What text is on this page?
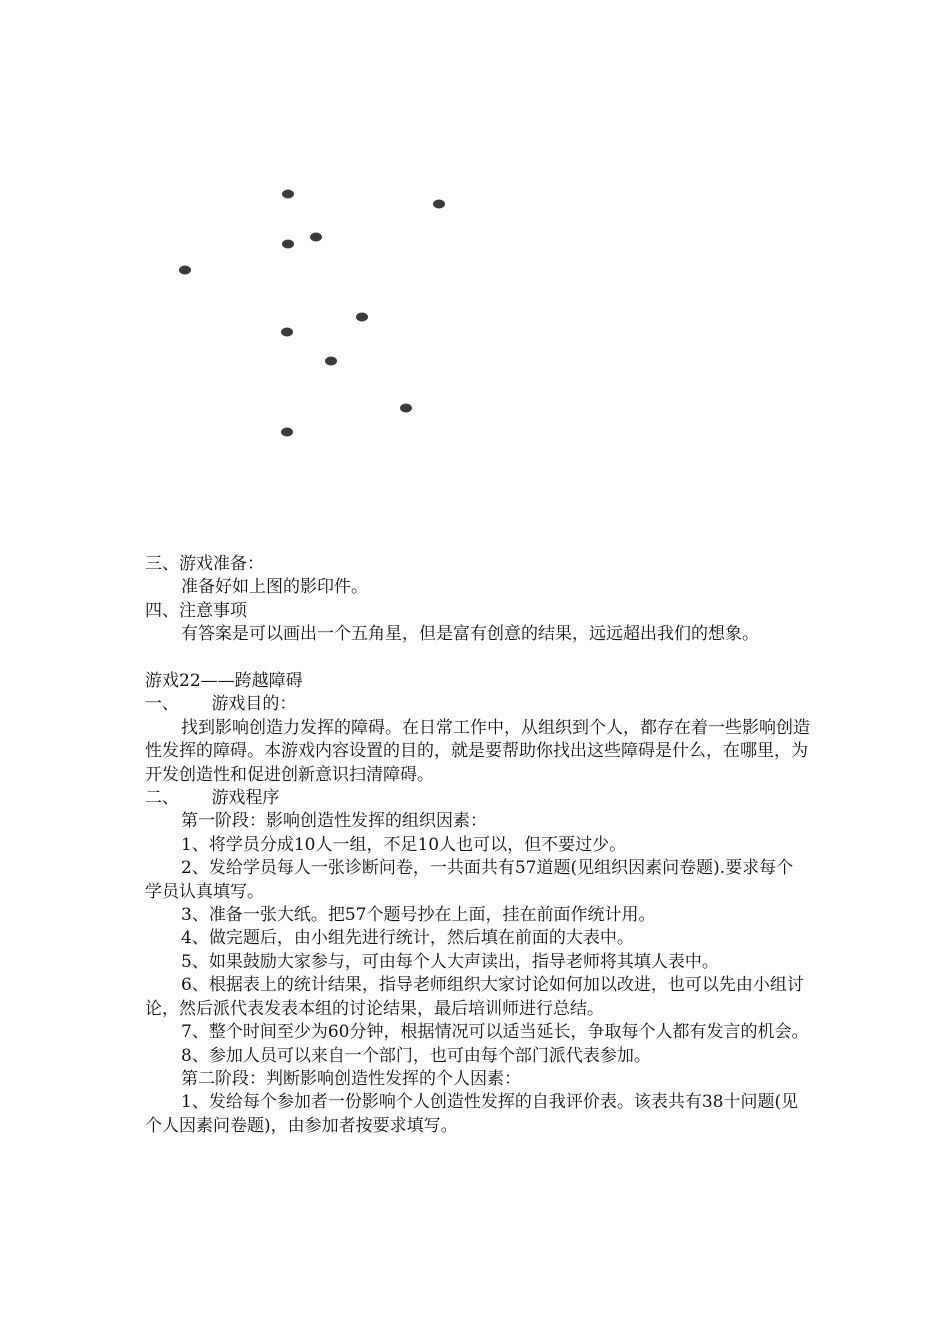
三、游戏准备：

准备好如上图的影印件。

四、注意事项

有答案是可以画出一个五角星，但是富有创意的结果，远远超出我们的想象。

游戏22——跨越障碍

一、 游戏目的：

找到影响创造力发挥的障碍。在日常工作中，从组织到个人，都存在着一些影响创造性发挥的障碍。本游戏内容设置的目的，就是要帮助你找出这些障碍是什么，在哪里，为开发创造性和促进创新意识扫清障碍。

二、 游戏程序

第一阶段：影响创造性发挥的组织因素：

1、将学员分成10人一组，不足10人也可以，但不要过少。

2、发给学员每人一张诊断问卷，一共面共有57道题(见组织因素问卷题).要求每个学员认真填写。

3、准备一张大纸。把57个题号抄在上面，挂在前面作统计用。

4、做完题后，由小组先进行统计，然后填在前面的大表中。

5、如果鼓励大家参与，可由每个人大声读出，指导老师将其填人表中。

6、根据表上的统计结果，指导老师组织大家讨论如何加以改进，也可以先由小组讨论，然后派代表发表本组的讨论结果，最后培训师进行总结。

7、整个时间至少为60分钟，根据情况可以适当延长，争取每个人都有发言的机会。

8、参加人员可以来自一个部门，也可由每个部门派代表参加。

第二阶段：判断影响创造性发挥的个人因素：

1、发给每个参加者一份影响个人创造性发挥的自我评价表。该表共有38十问题(见个人因素问卷题)，由参加者按要求填写。
